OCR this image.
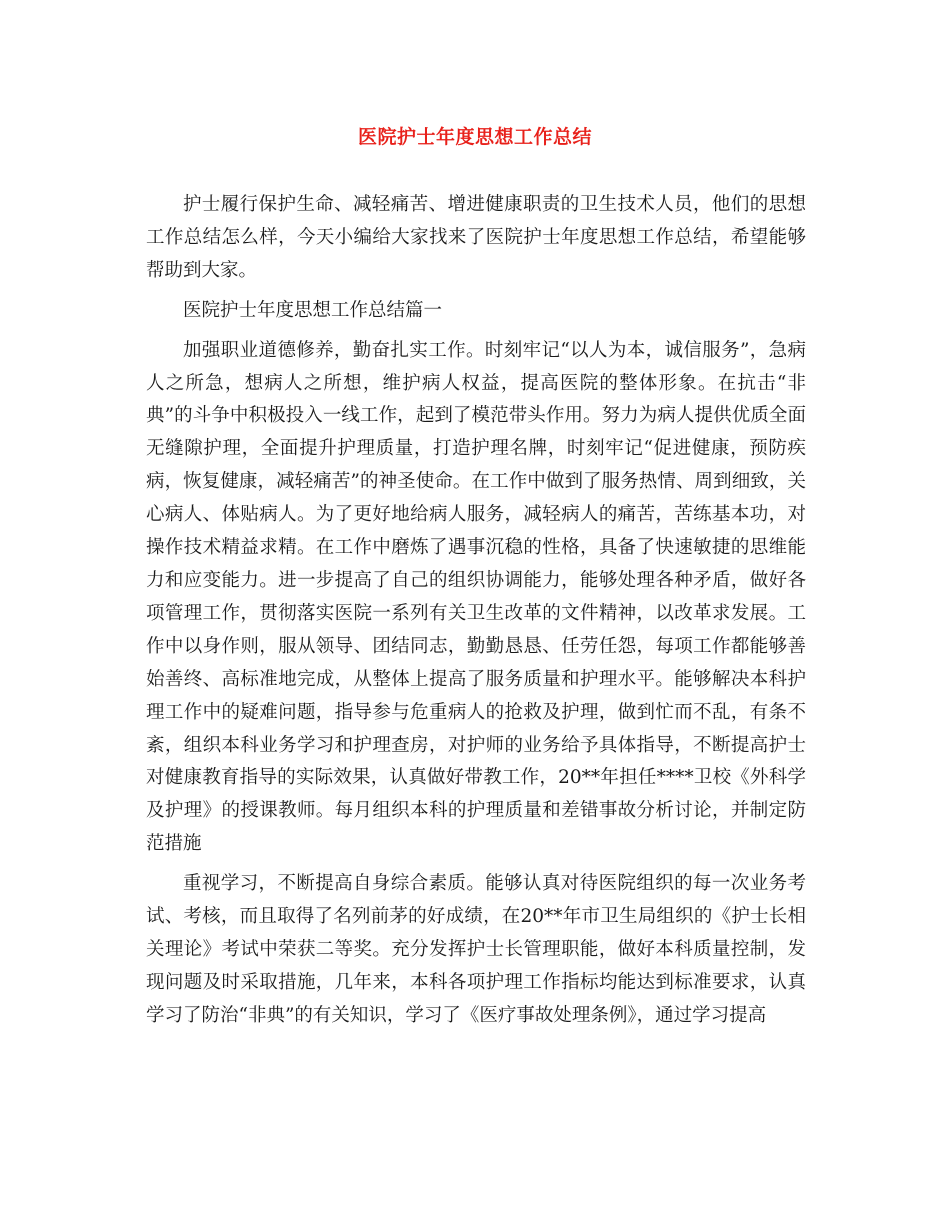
医院护士年度思想工作总结

护士履行保护生命、减轻痛苦、增进健康职责的卫生技术人员，他们的思想工作总结怎么样，今天小编给大家找来了医院护士年度思想工作总结，希望能够帮助到大家。

医院护士年度思想工作总结篇一

加强职业道德修养，勤奋扎实工作。时刻牢记“以人为本，诚信服务”，急病人之所急，想病人之所想，维护病人权益，提高医院的整体形象。在抗击“非典”的斗争中积极投入一线工作，起到了模范带头作用。努力为病人提供优质全面无缝隙护理，全面提升护理质量，打造护理名牌，时刻牢记“促进健康，预防疾病，恢复健康，减轻痛苦”的神圣使命。在工作中做到了服务热情、周到细致，关心病人、体贴病人。为了更好地给病人服务，减轻病人的痛苦，苦练基本功，对操作技术精益求精。在工作中磨炼了遇事沉稳的性格，具备了快速敏捷的思维能力和应变能力。进一步提高了自己的组织协调能力，能够处理各种矛盾，做好各项管理工作，贯彻落实医院一系列有关卫生改革的文件精神，以改革求发展。工作中以身作则，服从领导、团结同志，勤勤恳恳、任劳任怨，每项工作都能够善始善终、高标准地完成，从整体上提高了服务质量和护理水平。能够解决本科护理工作中的疑难问题，指导参与危重病人的抢救及护理，做到忙而不乱，有条不紊，组织本科业务学习和护理查房，对护师的业务给予具体指导，不断提高护士对健康教育指导的实际效果，认真做好带教工作，20**年担任****卫校《外科学及护理》的授课教师。每月组织本科的护理质量和差错事故分析讨论，并制定防范措施

重视学习，不断提高自身综合素质。能够认真对待医院组织的每一次业务考试、考核，而且取得了名列前茅的好成绩，在20**年市卫生局组织的《护士长相关理论》考试中荣获二等奖。充分发挥护士长管理职能，做好本科质量控制，发现问题及时采取措施，几年来，本科各项护理工作指标均能达到标准要求，认真学习了防治“非典”的有关知识，学习了《医疗事故处理条例》，通过学习提高
